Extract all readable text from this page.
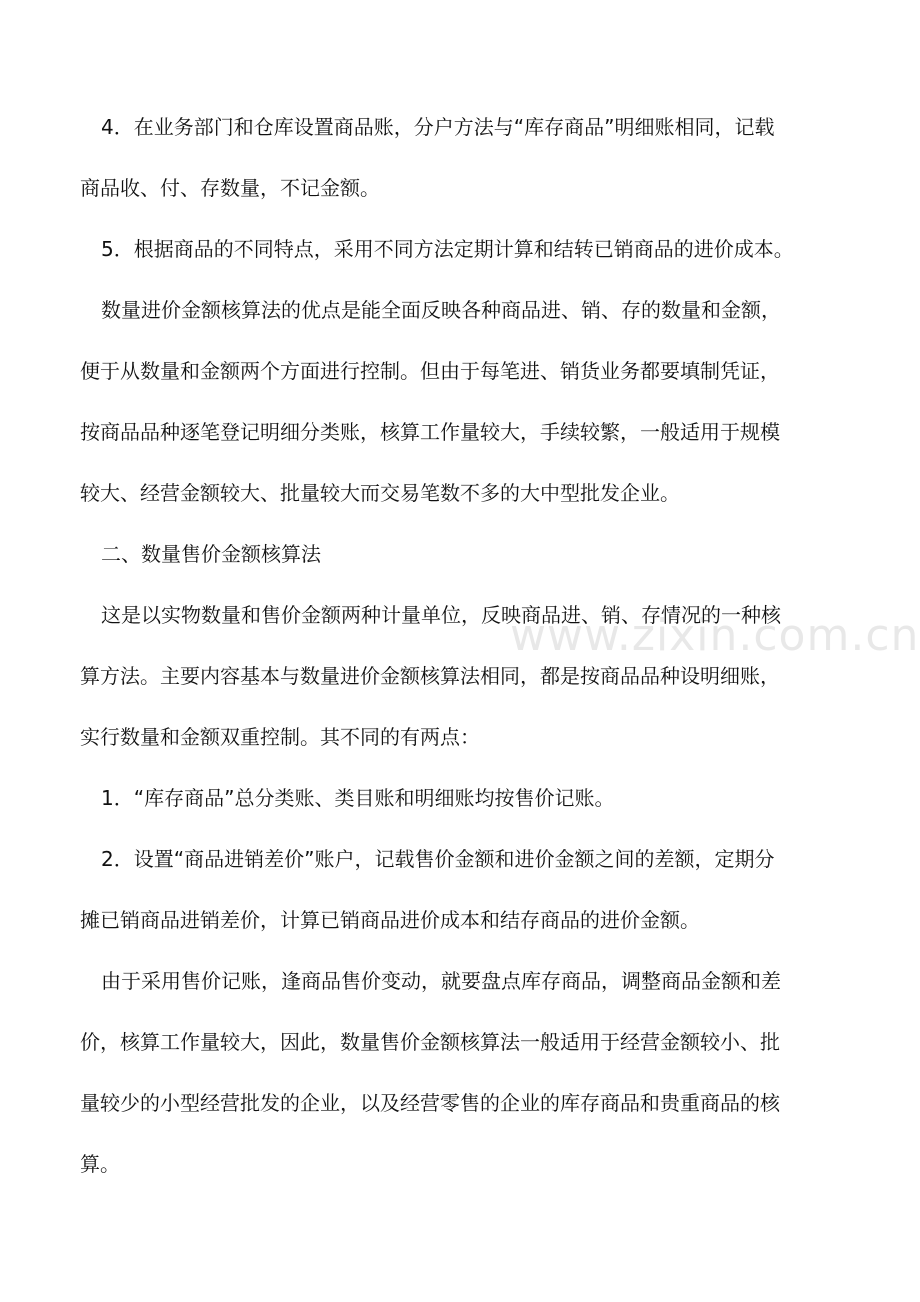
www.zixin.com.cn

4．在业务部门和仓库设置商品账，分户方法与“库存商品”明细账相同，记载

商品收、付、存数量，不记金额。

5．根据商品的不同特点，采用不同方法定期计算和结转已销商品的进价成本。

数量进价金额核算法的优点是能全面反映各种商品进、销、存的数量和金额，

便于从数量和金额两个方面进行控制。但由于每笔进、销货业务都要填制凭证，

按商品品种逐笔登记明细分类账，核算工作量较大，手续较繁，一般适用于规模

较大、经营金额较大、批量较大而交易笔数不多的大中型批发企业。

二、数量售价金额核算法

这是以实物数量和售价金额两种计量单位，反映商品进、销、存情况的一种核

算方法。主要内容基本与数量进价金额核算法相同，都是按商品品种设明细账，

实行数量和金额双重控制。其不同的有两点：

1．“库存商品”总分类账、类目账和明细账均按售价记账。

2．设置“商品进销差价”账户，记载售价金额和进价金额之间的差额，定期分

摊已销商品进销差价，计算已销商品进价成本和结存商品的进价金额。

由于采用售价记账，逢商品售价变动，就要盘点库存商品，调整商品金额和差

价，核算工作量较大，因此，数量售价金额核算法一般适用于经营金额较小、批

量较少的小型经营批发的企业，以及经营零售的企业的库存商品和贵重商品的核

算。
